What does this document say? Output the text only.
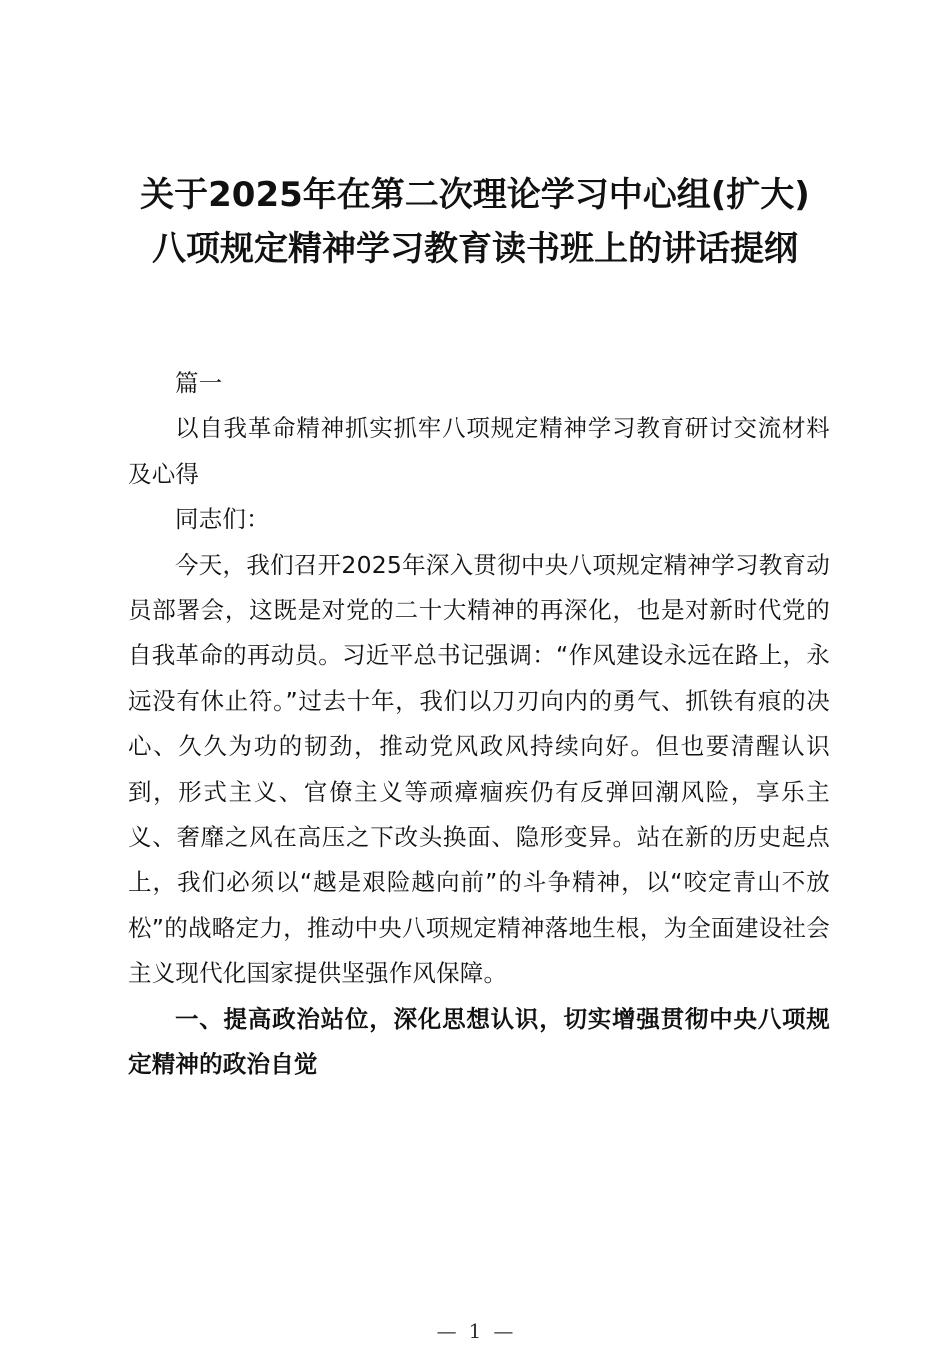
关于2025年在第二次理论学习中心组(扩大)
八项规定精神学习教育读书班上的讲话提纲

篇一

以自我革命精神抓实抓牢八项规定精神学习教育研讨交流材料及心得

同志们：

今天，我们召开2025年深入贯彻中央八项规定精神学习教育动员部署会，这既是对党的二十大精神的再深化，也是对新时代党的自我革命的再动员。习近平总书记强调：“作风建设永远在路上，永远没有休止符。”过去十年，我们以刀刃向内的勇气、抓铁有痕的决心、久久为功的韧劲，推动党风政风持续向好。但也要清醒认识到，形式主义、官僚主义等顽瘴痼疾仍有反弹回潮风险，享乐主义、奢靡之风在高压之下改头换面、隐形变异。站在新的历史起点上，我们必须以“越是艰险越向前”的斗争精神，以“咬定青山不放松”的战略定力，推动中央八项规定精神落地生根，为全面建设社会主义现代化国家提供坚强作风保障。

一、提高政治站位，深化思想认识，切实增强贯彻中央八项规定精神的政治自觉

— 1 —
